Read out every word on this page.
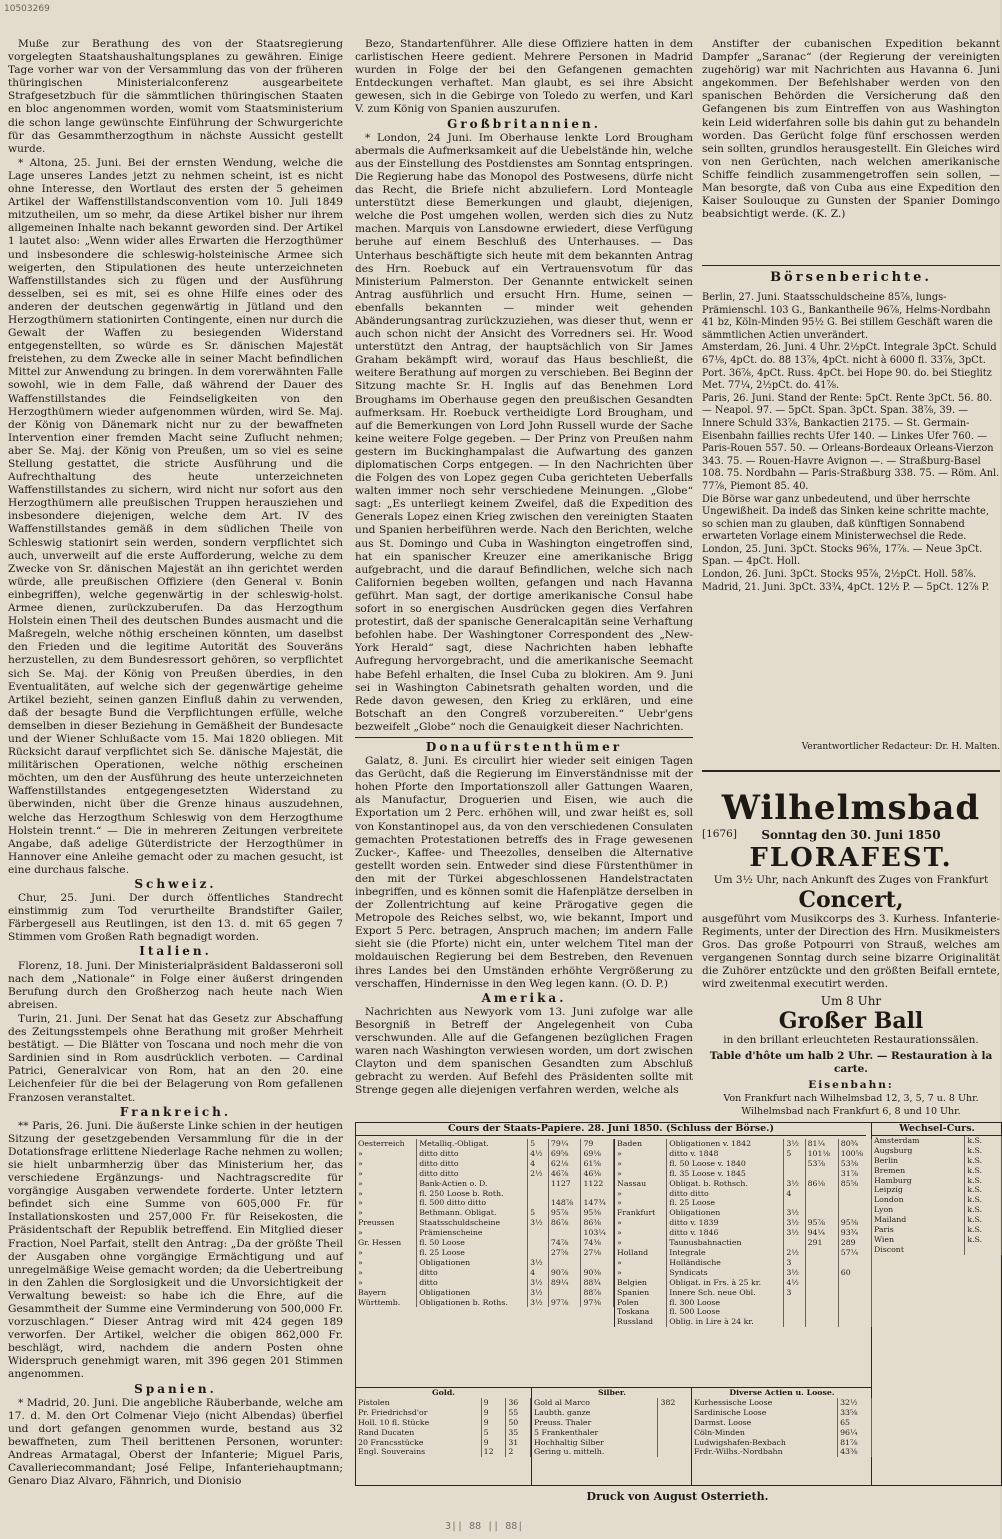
10503269

Muße zur Berathung des von der Staatsregierung vorgelegten Staatshaushaltungsplanes zu gewähren. Einige Tage vorher war von der Versammlung das von der früheren thüringischen Ministerialconferenz ausgearbeitete Strafgesetzbuch für die sämmtlichen thüringischen Staaten en bloc angenommen worden, womit vom Staatsministerium die schon lange gewünschte Einführung der Schwurgerichte für das Gesammtherzogthum in nächste Aussicht gestellt wurde.

* Altona, 25. Juni. Bei der ernsten Wendung, welche die Lage unseres Landes jetzt zu nehmen scheint, ist es nicht ohne Interesse, den Wortlaut des ersten der 5 geheimen Artikel der Waffenstillstandsconvention vom 10. Juli 1849 mitzutheilen, um so mehr, da diese Artikel bisher nur ihrem allgemeinen Inhalte nach bekannt geworden sind. Der Artikel 1 lautet also: „Wenn wider alles Erwarten die Herzogthümer und insbesondere die schleswig-holsteinische Armee sich weigerten, den Stipulationen des heute unterzeichneten Waffenstillstandes sich zu fügen und der Ausführung desselben, sei es mit, sei es ohne Hilfe eines oder des anderen der deutschen gegenwärtig in Jütland und den Herzogthümern stationirten Contingente, einen nur durch die Gewalt der Waffen zu besiegenden Widerstand entgegenstellten, so würde es Sr. dänischen Majestät freistehen, zu dem Zwecke alle in seiner Macht befindlichen Mittel zur Anwendung zu bringen. In dem vorerwähnten Falle sowohl, wie in dem Falle, daß während der Dauer des Waffenstillstandes die Feindseligkeiten von den Herzogthümern wieder aufgenommen würden, wird Se. Maj. der König von Dänemark nicht nur zu der bewaffneten Intervention einer fremden Macht seine Zuflucht nehmen; aber Se. Maj. der König von Preußen, um so viel es seine Stellung gestattet, die stricte Ausführung und die Aufrechthaltung des heute unterzeichneten Waffenstillstandes zu sichern, wird nicht nur sofort aus den Herzogthümern alle preußischen Truppen herausziehen und insbesondere diejenigen, welche dem Art. IV des Waffenstillstandes gemäß in dem südlichen Theile von Schleswig stationirt sein werden, sondern verpflichtet sich auch, unverweilt auf die erste Aufforderung, welche zu dem Zwecke von Sr. dänischen Majestät an ihn gerichtet werden würde, alle preußischen Offiziere (den General v. Bonin einbegriffen), welche gegenwärtig in der schleswig-holst. Armee dienen, zurückzuberufen. Da das Herzogthum Holstein einen Theil des deutschen Bundes ausmacht und die Maßregeln, welche nöthig erscheinen könnten, um daselbst den Frieden und die legitime Autorität des Souveräns herzustellen, zu dem Bundesressort gehören, so verpflichtet sich Se. Maj. der König von Preußen überdies, in den Eventualitäten, auf welche sich der gegenwärtige geheime Artikel bezieht, seinen ganzen Einfluß dahin zu verwenden, daß der besagte Bund die Verpflichtungen erfülle, welche demselben in dieser Beziehung in Gemäßheit der Bundesacte und der Wiener Schlußacte vom 15. Mai 1820 obliegen. Mit Rücksicht darauf verpflichtet sich Se. dänische Majestät, die militärischen Operationen, welche nöthig erscheinen möchten, um den der Ausführung des heute unterzeichneten Waffenstillstandes entgegengesetzten Widerstand zu überwinden, nicht über die Grenze hinaus auszudehnen, welche das Herzogthum Schleswig von dem Herzogthume Holstein trennt.“ — Die in mehreren Zeitungen verbreitete Angabe, daß adelige Güterdistricte der Herzogthümer in Hannover eine Anleihe gemacht oder zu machen gesucht, ist eine durchaus falsche.

Schweiz.

Chur, 25. Juni. Der durch öffentliches Standrecht einstimmig zum Tod verurtheilte Brandstifter Gailer, Färbergesell aus Reutlingen, ist den 13. d. mit 65 gegen 7 Stimmen vom Großen Rath begnadigt worden.

Italien.

Florenz, 18. Juni. Der Ministerialpräsident Baldasseroni soll nach dem „Nationale“ in Folge einer äußerst dringenden Berufung durch den Großherzog nach heute nach Wien abreisen.

Turin, 21. Juni. Der Senat hat das Gesetz zur Abschaffung des Zeitungsstempels ohne Berathung mit großer Mehrheit bestätigt. — Die Blätter von Toscana und noch mehr die von Sardinien sind in Rom ausdrücklich verboten. — Cardinal Patrici, Generalvicar von Rom, hat an den 20. eine Leichenfeier für die bei der Belagerung von Rom gefallenen Franzosen veranstaltet.

Frankreich.

** Paris, 26. Juni. Die äußerste Linke schien in der heutigen Sitzung der gesetzgebenden Versammlung für die in der Dotationsfrage erlittene Niederlage Rache nehmen zu wollen; sie hielt unbarmherzig über das Ministerium her, das verschiedene Ergänzungs- und Nachtragscredite für vorgängige Ausgaben verwendete forderte. Unter letztern befindet sich eine Summe von 605,000 Fr. für Installationskosten und 257,000 Fr. für Reisekosten, die Präsidentschaft der Republik betreffend. Ein Mitglied dieser Fraction, Noel Parfait, stellt den Antrag: „Da der größte Theil der Ausgaben ohne vorgängige Ermächtigung und auf unregelmäßige Weise gemacht worden; da die Uebertreibung in den Zahlen die Sorglosigkeit und die Unvorsichtigkeit der Verwaltung beweist: so habe ich die Ehre, auf die Gesammtheit der Summe eine Verminderung von 500,000 Fr. vorzuschlagen.“ Dieser Antrag wird mit 424 gegen 189 verworfen. Der Artikel, welcher die obigen 862,000 Fr. beschlägt, wird, nachdem die andern Posten ohne Widerspruch genehmigt waren, mit 396 gegen 201 Stimmen angenommen.

Spanien.

* Madrid, 20. Juni. Die angebliche Räuberbande, welche am 17. d. M. den Ort Colmenar Viejo (nicht Albendas) überfiel und dort gefangen genommen wurde, bestand aus 32 bewaffneten, zum Theil berittenen Personen, worunter: Andreas Armatagal, Oberst der Infanterie; Miguel Paris, Cavalleriecommandant; José Felipe, Infanteriehauptmann; Genaro Diaz Alvaro, Fähnrich, und Dionisio

Bezo, Standartenführer. Alle diese Offiziere hatten in dem carlistischen Heere gedient. Mehrere Personen in Madrid wurden in Folge der bei den Gefangenen gemachten Entdeckungen verhaftet. Man glaubt, es sei ihre Absicht gewesen, sich in die Gebirge von Toledo zu werfen, und Karl V. zum König von Spanien auszurufen.

Großbritannien.

* London, 24 Juni. Im Oberhause lenkte Lord Brougham abermals die Aufmerksamkeit auf die Uebelstände hin, welche aus der Einstellung des Postdienstes am Sonntag entspringen. Die Regierung habe das Monopol des Postwesens, dürfe nicht das Recht, die Briefe nicht abzuliefern. Lord Monteagle unterstützt diese Bemerkungen und glaubt, diejenigen, welche die Post umgehen wollen, werden sich dies zu Nutz machen. Marquis von Lansdowne erwiedert, diese Verfügung beruhe auf einem Beschluß des Unterhauses. — Das Unterhaus beschäftigte sich heute mit dem bekannten Antrag des Hrn. Roebuck auf ein Vertrauensvotum für das Ministerium Palmerston. Der Genannte entwickelt seinen Antrag ausführlich und ersucht Hrn. Hume, seinen — ebenfalls bekannten — minder weit gehenden Abänderungsantrag zurückzuziehen, was dieser thut, wenn er auch schon nicht der Ansicht des Vorredners sei. Hr. Wood unterstützt den Antrag, der hauptsächlich von Sir James Graham bekämpft wird, worauf das Haus beschließt, die weitere Berathung auf morgen zu verschieben. Bei Beginn der Sitzung machte Sr. H. Inglis auf das Benehmen Lord Broughams im Oberhause gegen den preußischen Gesandten aufmerksam. Hr. Roebuck vertheidigte Lord Brougham, und auf die Bemerkungen von Lord John Russell wurde der Sache keine weitere Folge gegeben. — Der Prinz von Preußen nahm gestern im Buckinghampalast die Aufwartung des ganzen diplomatischen Corps entgegen. — In den Nachrichten über die Folgen des von Lopez gegen Cuba gerichteten Ueberfalls walten immer noch sehr verschiedene Meinungen. „Globe“ sagt: „Es unterliegt keinem Zweifel, daß die Expedition des Generals Lopez einen Krieg zwischen den vereinigten Staaten und Spanien herbeiführen werde. Nach den Berichten, welche aus St. Domingo und Cuba in Washington eingetroffen sind, hat ein spanischer Kreuzer eine amerikanische Brigg aufgebracht, und die darauf Befindlichen, welche sich nach Californien begeben wollten, gefangen und nach Havanna geführt. Man sagt, der dortige amerikanische Consul habe sofort in so energischen Ausdrücken gegen dies Verfahren protestirt, daß der spanische Generalcapitän seine Verhaftung befohlen habe. Der Washingtoner Correspondent des „New-York Herald“ sagt, diese Nachrichten haben lebhafte Aufregung hervorgebracht, und die amerikanische Seemacht habe Befehl erhalten, die Insel Cuba zu blokiren. Am 9. Juni sei in Washington Cabinetsrath gehalten worden, und die Rede davon gewesen, den Krieg zu erklären, und eine Botschaft an den Congreß vorzubereiten.“ Uebr'gens bezweifelt „Globe“ noch die Genauigkeit dieser Nachrichten.

Donaufürstenthümer

Galatz, 8. Juni. Es circulirt hier wieder seit einigen Tagen das Gerücht, daß die Regierung im Einverständnisse mit der hohen Pforte den Importationszoll aller Gattungen Waaren, als Manufactur, Droguerien und Eisen, wie auch die Exportation um 2 Perc. erhöhen will, und zwar heißt es, soll von Konstantinopel aus, da von den verschiedenen Consulaten gemachten Protestationen betreffs des in Frage gewesenen Zucker-, Kaffee- und Theezolles, denselben die Alternative gestellt worden sein. Entweder sind diese Fürstenthümer in den mit der Türkei abgeschlossenen Handelstractaten inbegriffen, und es können somit die Hafenplätze derselben in der Zollentrichtung auf keine Prärogative gegen die Metropole des Reiches selbst, wo, wie bekannt, Import und Export 5 Perc. betragen, Anspruch machen; im andern Falle sieht sie (die Pforte) nicht ein, unter welchem Titel man der moldauischen Regierung bei dem Bestreben, den Revenuen ihres Landes bei den Umständen erhöhte Vergrößerung zu verschaffen, Hindernisse in den Weg legen kann. (O. D. P.)

Amerika.

Nachrichten aus Newyork vom 13. Juni zufolge war alle Besorgniß in Betreff der Angelegenheit von Cuba verschwunden. Alle auf die Gefangenen bezüglichen Fragen waren nach Washington verwiesen worden, um dort zwischen Clayton und dem spanischen Gesandten zum Abschluß gebracht zu werden. Auf Befehl des Präsidenten sollte mit Strenge gegen alle diejenigen verfahren werden, welche als

Anstifter der cubanischen Expedition bekannt Dampfer „Saranac“ (der Regierung der vereinigten zugehörig) war mit Nachrichten aus Havanna 6. Juni angekommen. Der Befehlshaber werden von den spanischen Behörden die Versicherung daß den Gefangenen bis zum Eintreffen von aus Washington kein Leid widerfahren solle bis dahin gut zu behandeln worden. Das Gerücht folge fünf erschossen werden sein sollten, grundlos herausgestellt. Ein Gleiches wird von nen Gerüchten, nach welchen amerikanische Schiffe feindlich zusammengetroffen sein sollen, — Man besorgte, daß von Cuba aus eine Expedition den Kaiser Soulouque zu Gunsten der Spanier Domingo beabsichtigt werde. (K. Z.)

Börsenberichte.

Berlin, 27. Juni. Staatsschuldscheine 85⅞, lungs-Prämienschl. 103 G., Bankantheile 96⅞, Helms-Nordbahn 41 bz, Köln-Minden 95½ G. Bei stillem Geschäft waren die sämmtlichen Actien unverändert.

Amsterdam, 26. Juni. 4 Uhr. 2½pCt. Integrale 3pCt. Schuld 67⅛, 4pCt. do. 88 13⅞, 4pCt. nicht à 6000 fl. 33⅞, 3pCt. Port. 36⅞, 4pCt. Russ. 4pCt. bei Hope 90. do. bei Stieglitz Met. 77¼, 2½pCt. do. 41⅞.

Paris, 26. Juni. Stand der Rente: 5pCt. Rente 3pCt. 56. 80. — Neapol. 97. — 5pCt. Span. 3pCt. Span. 38⅞, 39. — Innere Schuld 33⅞, Bankactien 2175. — St. Germain-Eisenbahn faillies rechts Ufer 140. — Linkes Ufer 760. — Paris-Rouen 557. 50. — Orleans-Bordeaux Orleans-Vierzon 343. 75. — Rouen-Havre Avignon —. — Straßburg-Basel 108. 75. Nordbahn — Paris-Straßburg 338. 75. — Röm. Anl. 77⅞, Piemont 85. 40.

Die Börse war ganz unbedeutend, und über herrschte Ungewißheit. Da indeß das Sinken keine schritte machte, so schien man zu glauben, daß künftigen Sonnabend erwarteten Vorlage einem Ministerwechsel die Rede.

London, 25. Juni. 3pCt. Stocks 96⅝, 17⅞. — Neue 3pCt. Span. — 4pCt. Holl.

London, 26. Juni. 3pCt. Stocks 95⅞, 2½pCt. Holl. 58⅞.

Madrid, 21. Juni. 3pCt. 33¾, 4pCt. 12½ P. — 5pCt. 12⅞ P.

Verantwortlicher Redacteur: Dr. H. Malten.
Wilhelmsbad
[1676]	Sonntag den 30. Juni 1850
FLORAFEST.
Um 3½ Uhr, nach Ankunft des Zuges von Frankfurt
Concert,
ausgeführt vom Musikcorps des 3. Kurhess. Infanterie-Regiments, unter der Direction des Hrn. Musikmeisters Gros. Das große Potpourri von Strauß, welches am vergangenen Sonntag durch seine bizarre Originalität die Zuhörer entzückte und den größten Beifall erntete, wird zweitenmal executirt werden.
Um 8 Uhr
Großer Ball
in den brillant erleuchteten Restaurationssälen.
Table d'hôte um halb 2 Uhr. — Restauration à la carte.
Eisenbahn:
Von Frankfurt nach Wilhelmsbad 12, 3, 5, 7 u. 8 Uhr.
Wilhelmsbad nach Frankfurt 6, 8 und 10 Uhr.
Cours der Staats-Papiere. 28. Juni 1850. (Schluss der Börse.)	Wechsel-Curs.
Amsterdam	k.S.
Augsburg	k.S.
Berlin	k.S.
Bremen	k.S.
Hamburg	k.S.
Leipzig	k.S.
London	k.S.
Lyon	k.S.
Mailand	k.S.
Paris	k.S.
Wien	k.S.
Discont	
Oesterreich	Metalliq.-Obligat.	5	79¼	79
»	ditto ditto	4½	69⅝	69⅛
»	ditto ditto	4	62⅛	61⅝
»	ditto ditto	2½	46⅞	46⅜
»	Bank-Actien o. D.		1127	1122
»	fl. 250 Loose b. Roth.			
»	fl. 500 ditto ditto		148⅞	147¾
»	Bethmann. Obligat.	5	95⅞	95⅜
Preussen	Staatsschuldscheine	3½	86⅞	86⅜
»	Prämienscheine			103¼
Gr. Hessen	fl. 50 Loose		74⅞	74⅜
»	fl. 25 Loose		27⅝	27⅛
»	Obligationen	3½		
»	ditto	4	90⅞	90⅜
»	ditto	3½	89¼	88¾
Bayern	Obligationen	3½		88⅞
Württemb.	Obligationen b. Roths.	3½	97⅞	97⅜
Baden	Obligationen v. 1842	3½	81¼	80¾
»	ditto v. 1848	5	101⅛	100⅝
»	fl. 50 Loose v. 1840		53⅞	53⅜
»	fl. 35 Loose v. 1845			31⅞
Nassau	Obligat. b. Rothsch.	3½	86⅛	85⅝
»	ditto ditto	4		
»	fl. 25 Loose			
Frankfurt	Obligationen	3½		
»	ditto v. 1839	3½	95⅞	95⅜
»	ditto v. 1846	3½	94¼	93¾
»	Taunusbahnactien		291	289
Holland	Integrale	2½		57¼
»	Holländische	3		
»	Syndicats	3½		60
Belgien	Obligat. in Frs. à 25 kr.	4½		
Spanien	Innere Sch. neue Obl.	3		
Polen	fl. 300 Loose			
Toskana	fl. 500 Loose			
Russland	Oblig. in Lire à 24 kr.			
Gold.
Pistolen	9	36
Pr. Friedrichsd'or	9	55
Holl. 10 fl. Stücke	9	50
Rand Ducaten	5	35
20 Francsstücke	9	31
Engl. Souverains	12	2
Silber.
Gold al Marco	382
Laubth. ganze	
Preuss. Thaler	
5 Frankenthaler	
Hochhaltig Silber	
Gering u. mittelh.	
Diverse Actien u. Loose.
Kurhessische Loose	32½
Sardinische Loose	33⅝
Darmst. Loose	65
Cöln-Minden	96¼
Ludwigshafen-Bexbach	81⅞
Frdr.-Wilhs.-Nordbahn	43⅜
Druck von August Osterrieth.
3|| 88 || 88|
